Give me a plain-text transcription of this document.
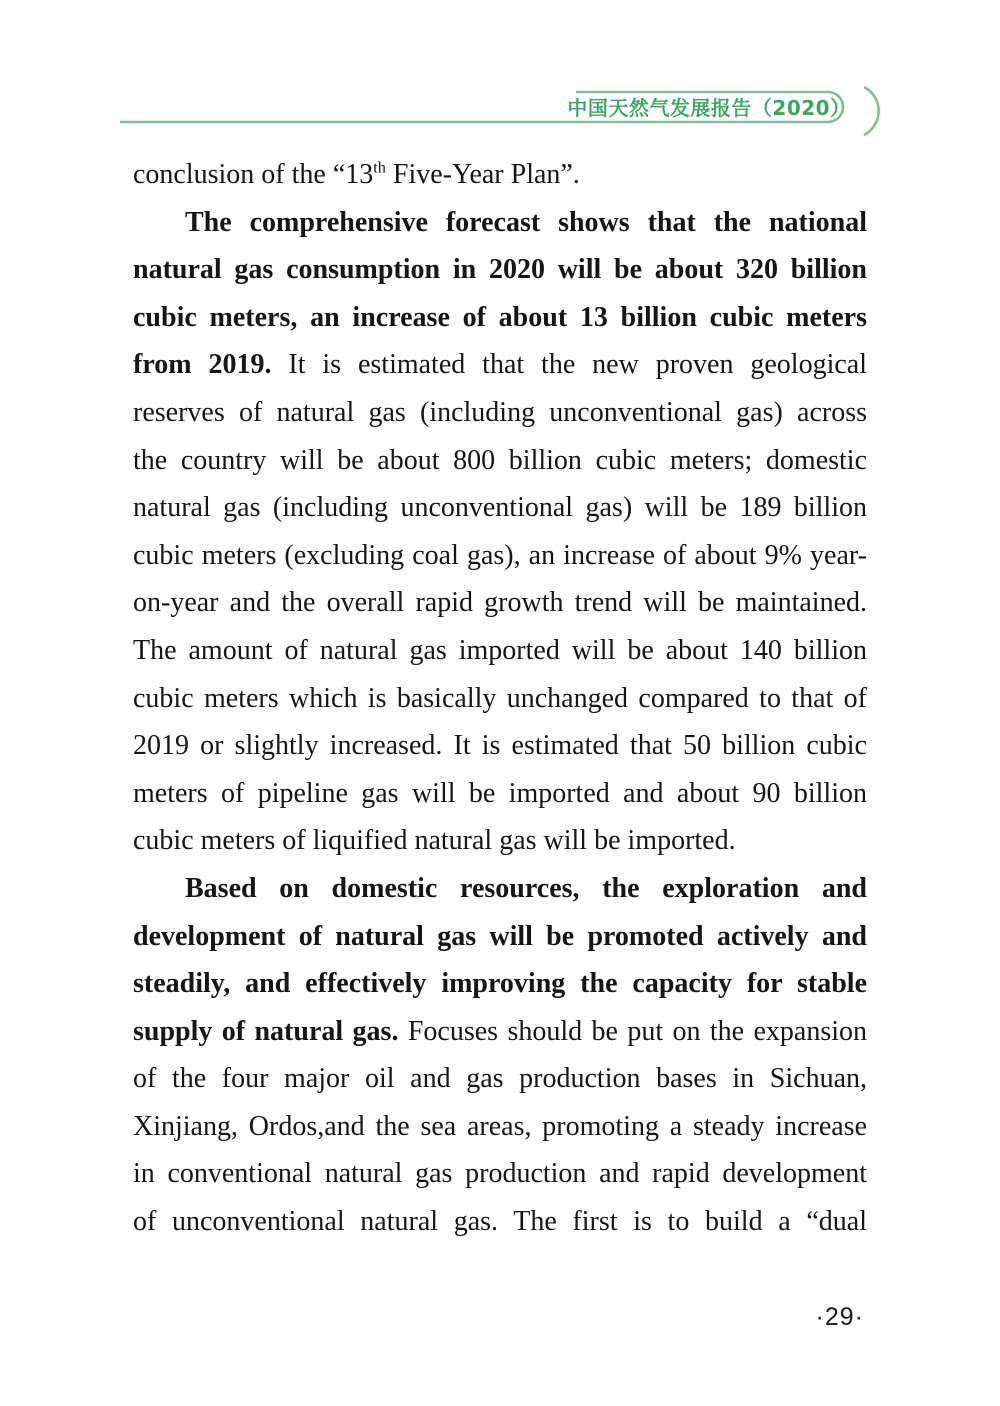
中国天然气发展报告（2020）
conclusion of the “13th Five-Year Plan”.
The comprehensive forecast shows that the national
natural gas consumption in 2020 will be about 320 billion
cubic meters, an increase of about 13 billion cubic meters
from 2019. It is estimated that the new proven geological
reserves of natural gas (including unconventional gas) across
the country will be about 800 billion cubic meters; domestic
natural gas (including unconventional gas) will be 189 billion
cubic meters (excluding coal gas), an increase of about 9% year-
on-year and the overall rapid growth trend will be maintained.
The amount of natural gas imported will be about 140 billion
cubic meters which is basically unchanged compared to that of
2019 or slightly increased. It is estimated that 50 billion cubic
meters of pipeline gas will be imported and about 90 billion
cubic meters of liquified natural gas will be imported.
Based on domestic resources, the exploration and
development of natural gas will be promoted actively and
steadily, and effectively improving the capacity for stable
supply of natural gas. Focuses should be put on the expansion
of the four major oil and gas production bases in Sichuan,
Xinjiang, Ordos,and the sea areas, promoting a steady increase
in conventional natural gas production and rapid development
of unconventional natural gas. The first is to build a “dual
·29·
